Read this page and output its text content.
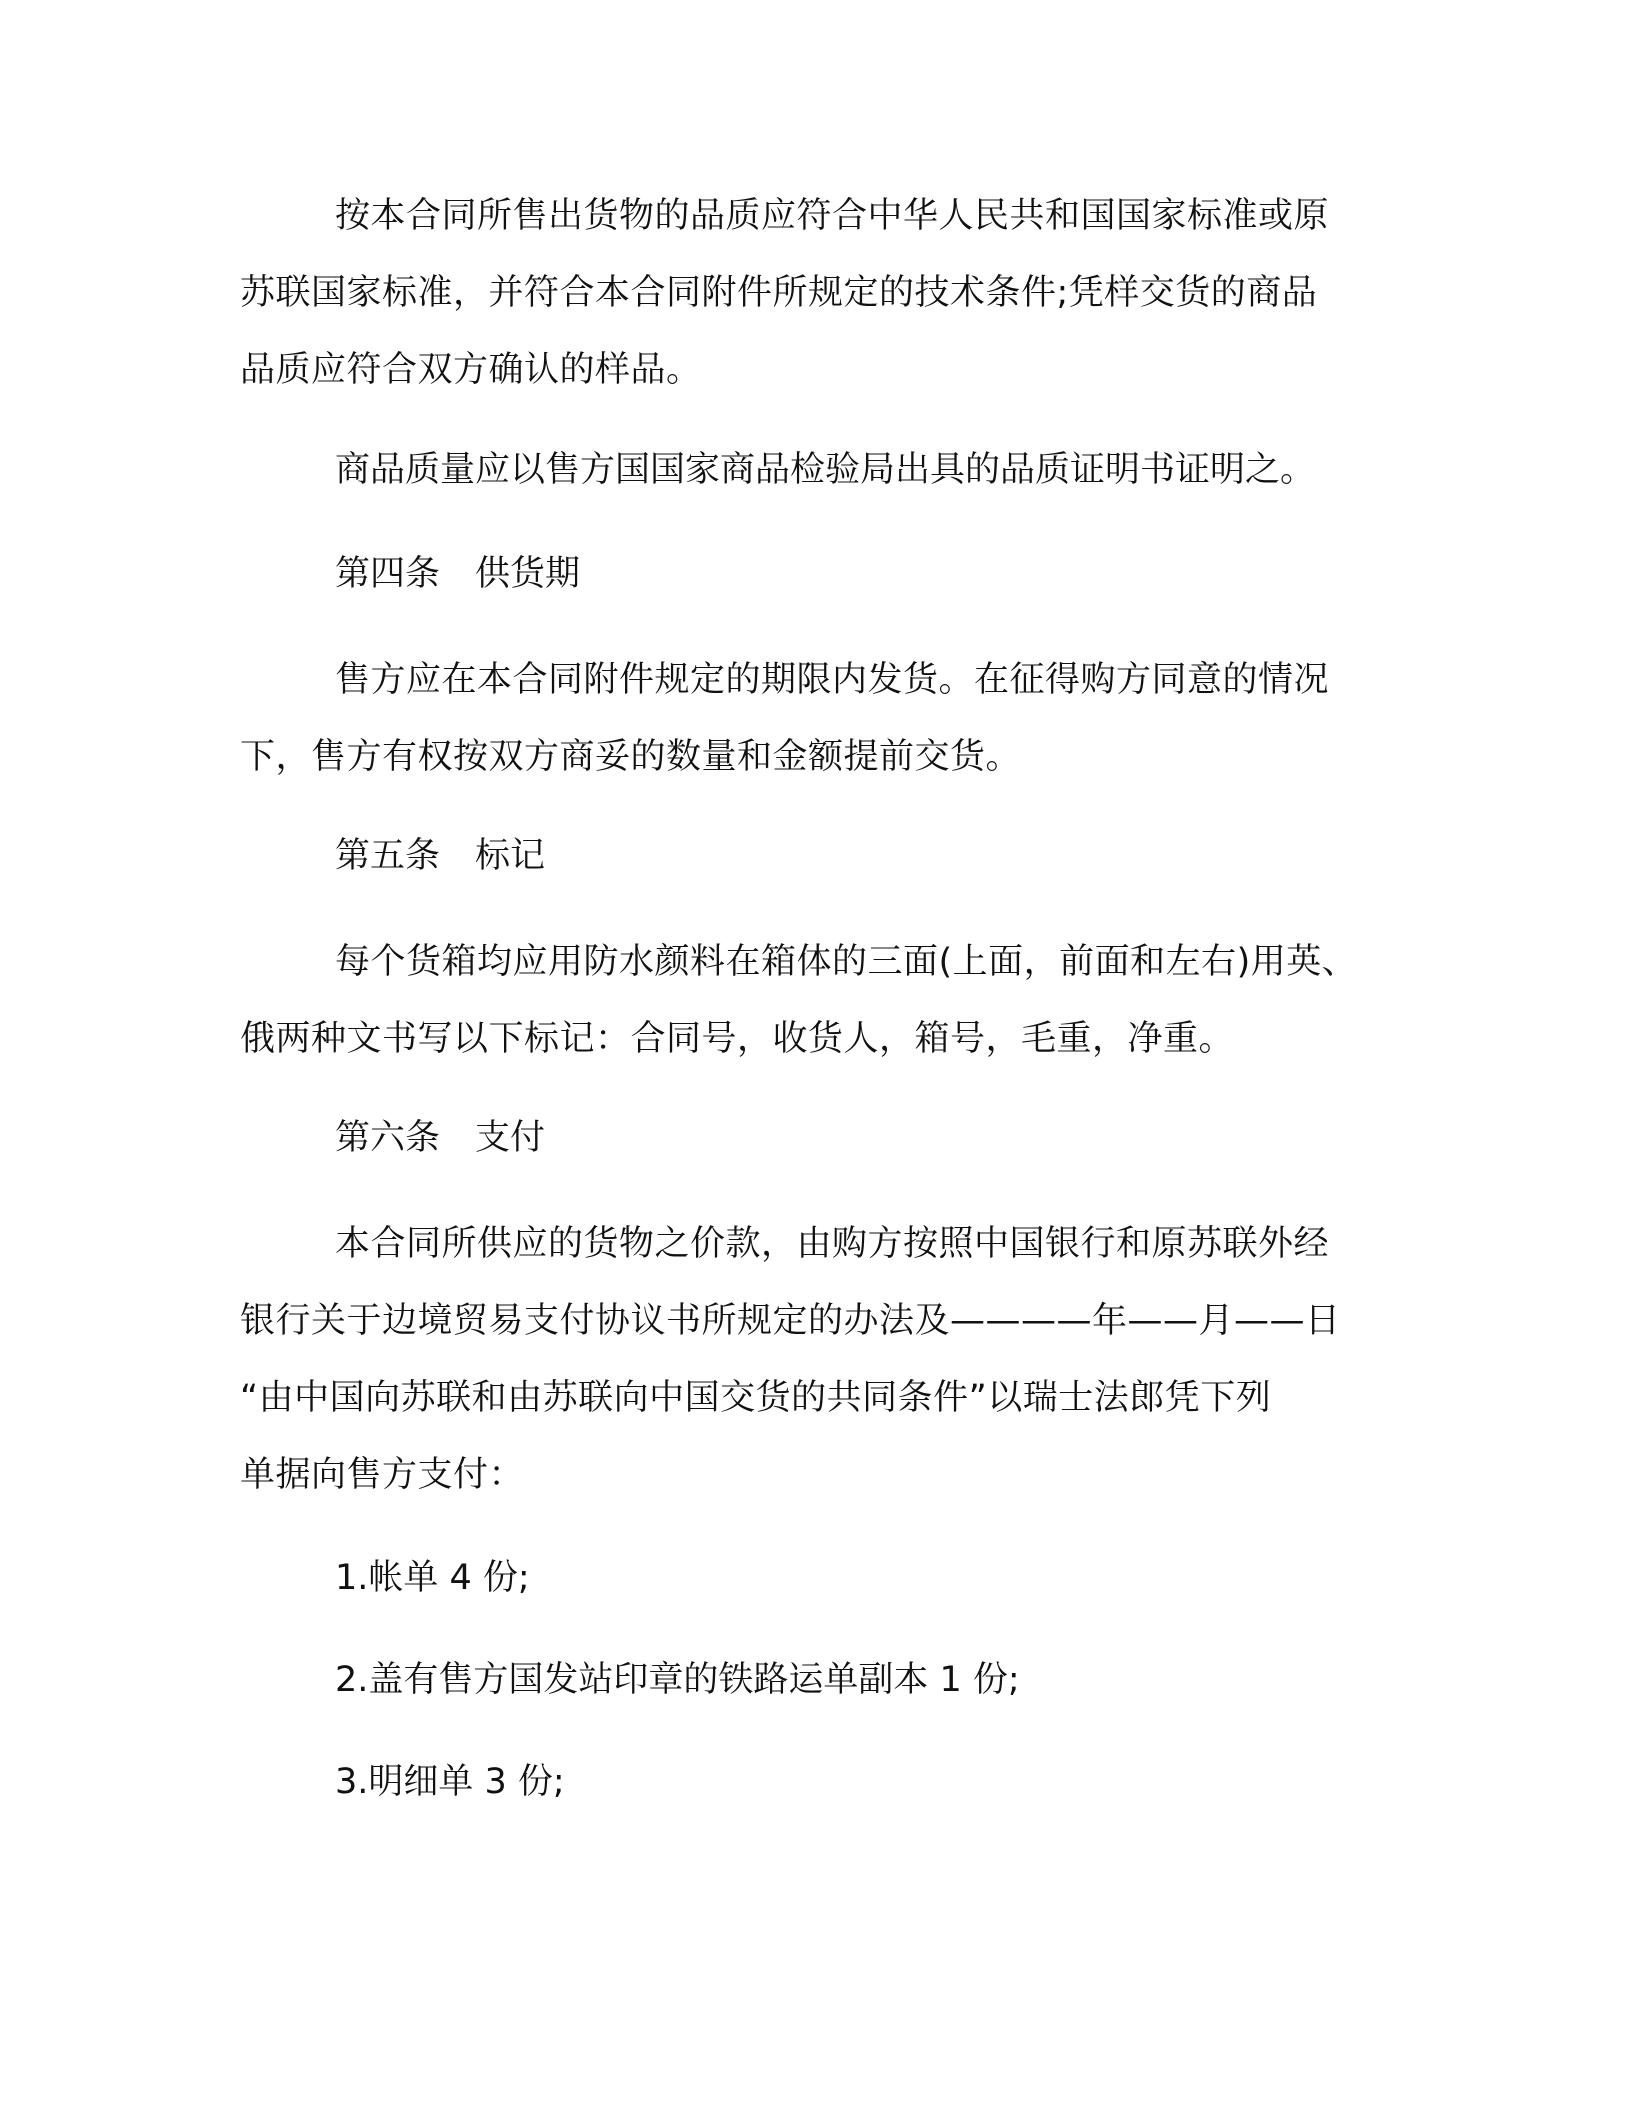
按本合同所售出货物的品质应符合中华人民共和国国家标准或原
苏联国家标准，并符合本合同附件所规定的技术条件;凭样交货的商品
品质应符合双方确认的样品。

商品质量应以售方国国家商品检验局出具的品质证明书证明之。

第四条　供货期

售方应在本合同附件规定的期限内发货。在征得购方同意的情况
下，售方有权按双方商妥的数量和金额提前交货。

第五条　标记

每个货箱均应用防水颜料在箱体的三面(上面，前面和左右)用英、
俄两种文书写以下标记：合同号，收货人，箱号，毛重，净重。

第六条　支付

本合同所供应的货物之价款，由购方按照中国银行和原苏联外经
银行关于边境贸易支付协议书所规定的办法及————年——月——日
“由中国向苏联和由苏联向中国交货的共同条件”以瑞士法郎凭下列
单据向售方支付：

1.帐单 4 份;

2.盖有售方国发站印章的铁路运单副本 1 份;

3.明细单 3 份;
